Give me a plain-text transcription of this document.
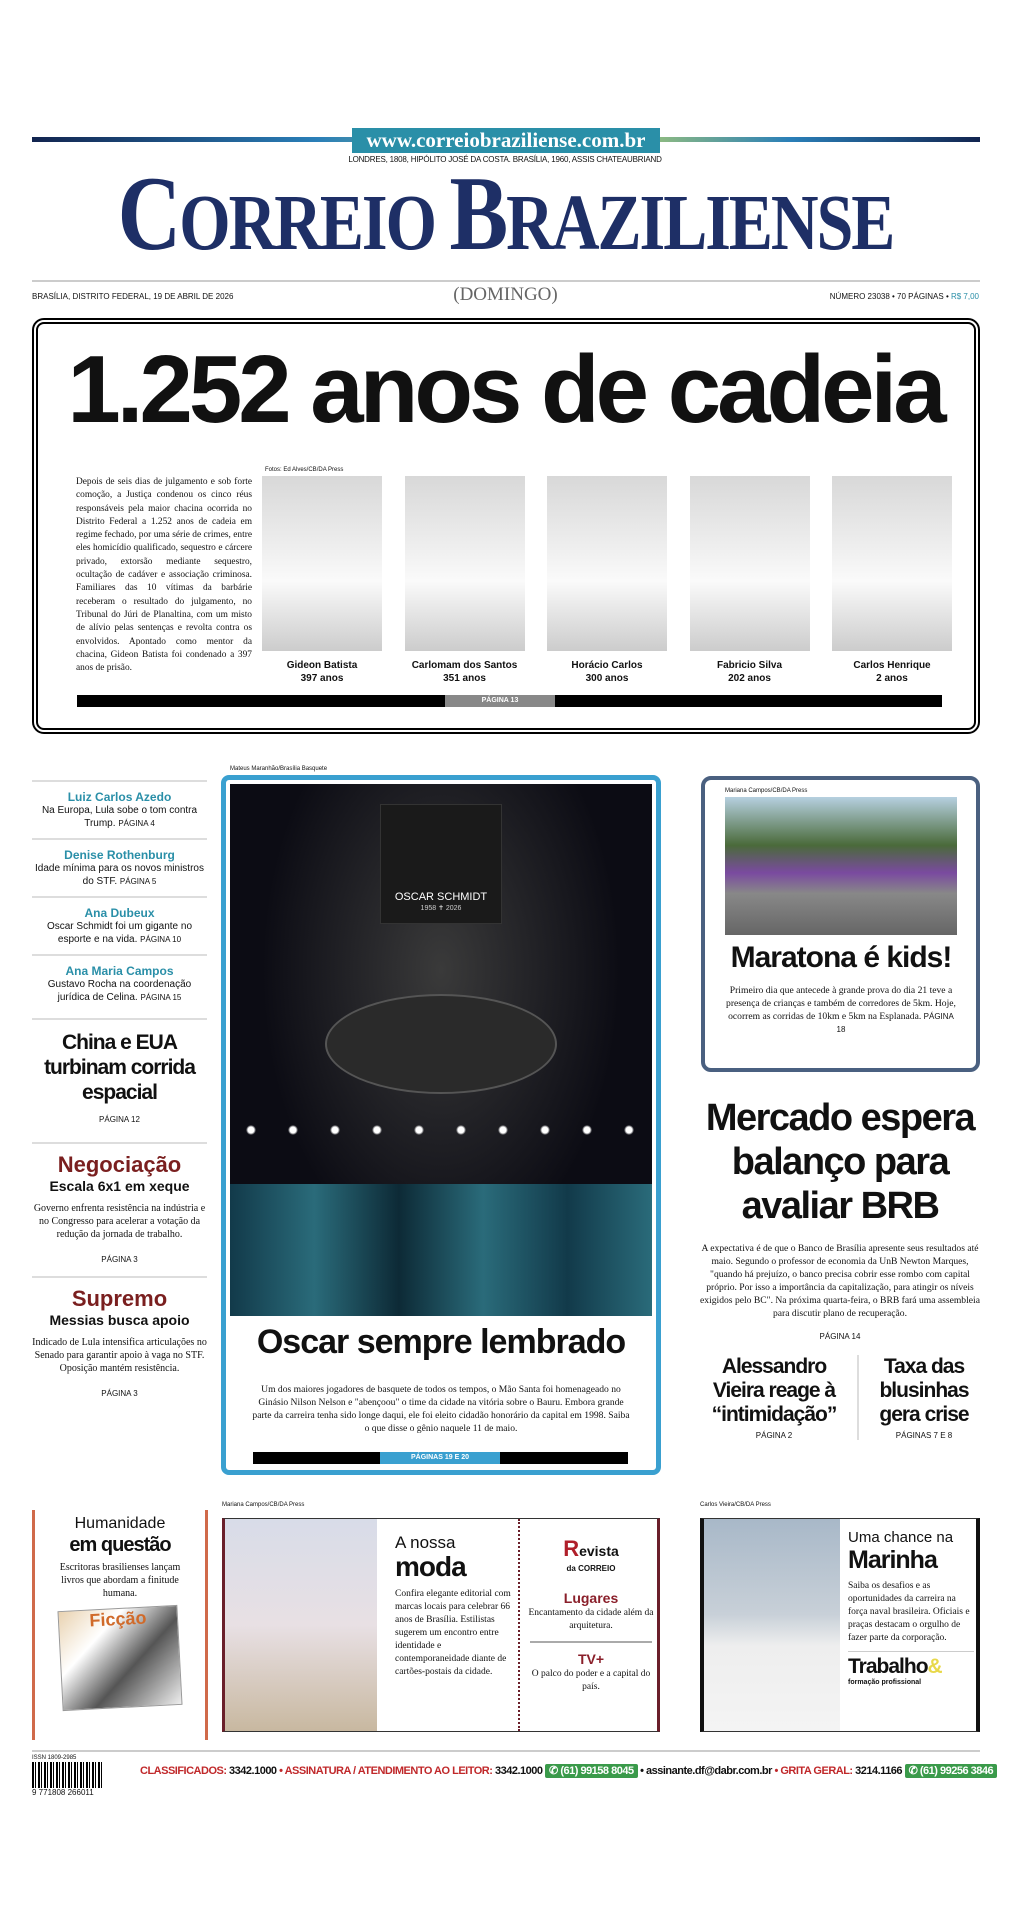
www.correiobraziliense.com.br
LONDRES, 1808, HIPÓLITO JOSÉ DA COSTA. BRASÍLIA, 1960, ASSIS CHATEAUBRIAND
CORREIO BRAZILIENSE
BRASÍLIA, DISTRITO FEDERAL, 19 DE ABRIL DE 2026	(DOMINGO)	NÚMERO 23038 • 70 PÁGINAS • R$ 7,00
1.252 anos de cadeia
Depois de seis dias de julgamento e sob forte comoção, a Justiça condenou os cinco réus responsáveis pela maior chacina ocorrida no Distrito Federal a 1.252 anos de cadeia em regime fechado, por uma série de crimes, entre eles homicídio qualificado, sequestro e cárcere privado, extorsão mediante sequestro, ocultação de cadáver e associação criminosa. Familiares das 10 vítimas da barbárie receberam o resultado do julgamento, no Tribunal do Júri de Planaltina, com um misto de alívio pelas sentenças e revolta contra os envolvidos. Apontado como mentor da chacina, Gideon Batista foi condenado a 397 anos de prisão.
Fotos: Ed Alves/CB/DA Press
Gideon Batista
397 anos
Carlomam dos Santos
351 anos
Horácio Carlos
300 anos
Fabricio Silva
202 anos
Carlos Henrique
2 anos
PÁGINA 13
Luiz Carlos Azedo
Na Europa, Lula sobe o tom contra Trump. PÁGINA 4
Denise Rothenburg
Idade mínima para os novos ministros do STF. PÁGINA 5
Ana Dubeux
Oscar Schmidt foi um gigante no esporte e na vida. PÁGINA 10
Ana Maria Campos
Gustavo Rocha na coordenação jurídica de Celina. PÁGINA 15
China e EUA turbinam corrida espacial
PÁGINA 12
Negociação
Escala 6x1 em xeque
Governo enfrenta resistência na indústria e no Congresso para acelerar a votação da redução da jornada de trabalho.
PÁGINA 3
Supremo
Messias busca apoio
Indicado de Lula intensifica articulações no Senado para garantir apoio à vaga no STF. Oposição mantém resistência.
PÁGINA 3
Mateus Maranhão/Brasília Basquete
OSCAR SCHMIDT
1958 ✝ 2026
Oscar sempre lembrado
Um dos maiores jogadores de basquete de todos os tempos, o Mão Santa foi homenageado no Ginásio Nilson Nelson e "abençoou" o time da cidade na vitória sobre o Bauru. Embora grande parte da carreira tenha sido longe daqui, ele foi eleito cidadão honorário da capital em 1998. Saiba o que disse o gênio naquele 11 de maio.
PÁGINAS 19 E 20
Mariana Campos/CB/DA Press
Maratona é kids!
Primeiro dia que antecede à grande prova do dia 21 teve a presença de crianças e também de corredores de 5km. Hoje, ocorrem as corridas de 10km e 5km na Esplanada. PÁGINA 18
Mercado espera balanço para avaliar BRB
A expectativa é de que o Banco de Brasília apresente seus resultados até maio. Segundo o professor de economia da UnB Newton Marques, "quando há prejuízo, o banco precisa cobrir esse rombo com capital próprio. Por isso a importância da capitalização, para atingir os níveis exigidos pelo BC". Na próxima quarta-feira, o BRB fará uma assembleia para discutir plano de recuperação.
PÁGINA 14
Alessandro Vieira reage à “intimidação”
PÁGINA 2
Taxa das blusinhas gera crise
PÁGINAS 7 E 8
Humanidade
em questão
Escritoras brasilienses lançam livros que abordam a finitude humana.
Ficção
Mariana Campos/CB/DA Press
A nossa
moda
Confira elegante editorial com marcas locais para celebrar 66 anos de Brasília. Estilistas sugerem um encontro entre identidade e contemporaneidade diante de cartões-postais da cidade.
Revista
da CORREIO
Lugares
Encantamento da cidade além da arquitetura.
TV+
O palco do poder e a capital do país.
Carlos Vieira/CB/DA Press
Uma chance na
Marinha
Saiba os desafios e as oportunidades da carreira na força naval brasileira. Oficiais e praças destacam o orgulho de fazer parte da corporação.
Trabalho&
formação profissional
ISSN 1809-2985
9 771808 266011
CLASSIFICADOS: 3342.1000 • ASSINATURA / ATENDIMENTO AO LEITOR: 3342.1000 ✆ (61) 99158 8045 • assinante.df@dabr.com.br • GRITA GERAL: 3214.1166 ✆ (61) 99256 3846
